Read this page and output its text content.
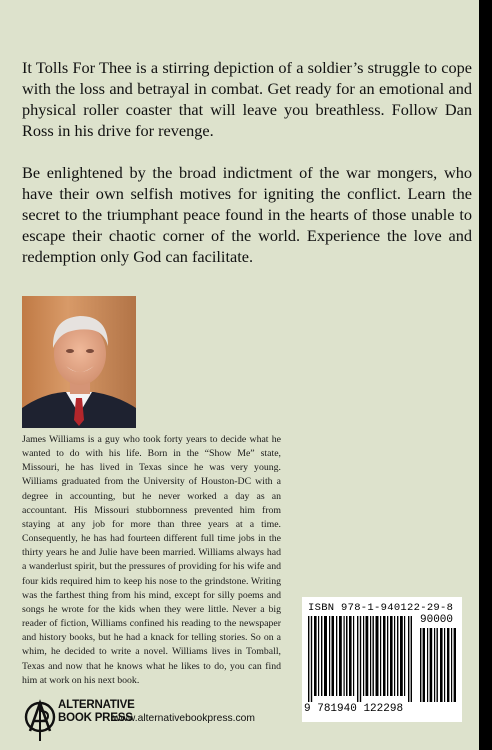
It Tolls For Thee is a stirring depiction of a soldier’s struggle to cope with the loss and betrayal in combat. Get ready for an emotional and physical roller coaster that will leave you breathless. Follow Dan Ross in his drive for revenge.

Be enlightened by the broad indictment of the war mongers, who have their own selfish motives for igniting the conflict. Learn the secret to the triumphant peace found in the hearts of those unable to escape their chaotic corner of the world. Experience the love and redemption only God can facilitate.

James Williams is a guy who took forty years to decide what he wanted to do with his life. Born in the “Show Me” state, Missouri, he has lived in Texas since he was very young. Williams graduated from the University of Houston-DC with a degree in accounting, but he never worked a day as an accountant. His Missouri stubbornness prevented him from staying at any job for more than three years at a time. Consequently, he has had fourteen different full time jobs in the thirty years he and Julie have been married. Williams always had a wanderlust spirit, but the pressures of providing for his wife and four kids required him to keep his nose to the grindstone. Writing was the farthest thing from his mind, except for silly poems and songs he wrote for the kids when they were little. Never a big reader of fiction, Williams confined his reading to the newspaper and history books, but he had a knack for telling stories. So on a whim, he decided to write a novel. Williams lives in Tomball, Texas and now that he knows what he likes to do, you can find him at work on his next book.

ISBN 978-1-940122-29-8
90000
9 781940 122298
ALTERNATIVE
BOOK PRESS
www.alternativebookpress.com
